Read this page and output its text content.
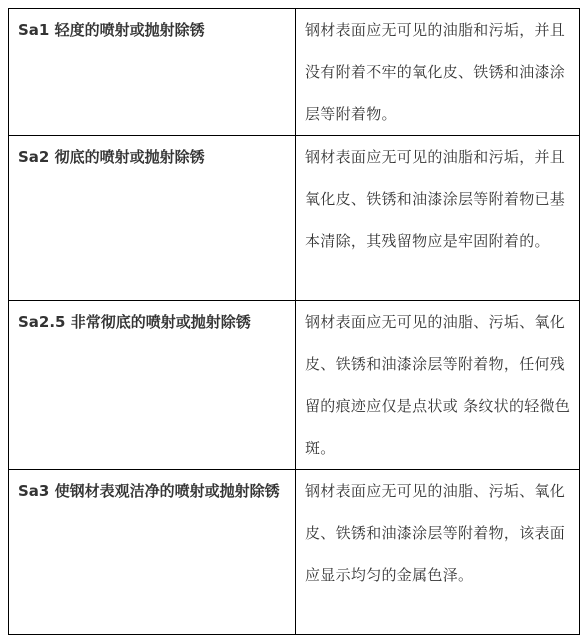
Sa1 轻度的喷射或抛射除锈	钢材表面应无可见的油脂和污垢，并且没有附着不牢的氧化皮、铁锈和油漆涂层等附着物。
Sa2 彻底的喷射或抛射除锈	钢材表面应无可见的油脂和污垢，并且氧化皮、铁锈和油漆涂层等附着物已基本清除，其残留物应是牢固附着的。
Sa2.5 非常彻底的喷射或抛射除锈	钢材表面应无可见的油脂、污垢、氧化皮、铁锈和油漆涂层等附着物，任何残留的痕迹应仅是点状或 条纹状的轻微色斑。
Sa3 使钢材表观洁净的喷射或抛射除锈	钢材表面应无可见的油脂、污垢、氧化皮、铁锈和油漆涂层等附着物，该表面应显示均匀的金属色泽。
